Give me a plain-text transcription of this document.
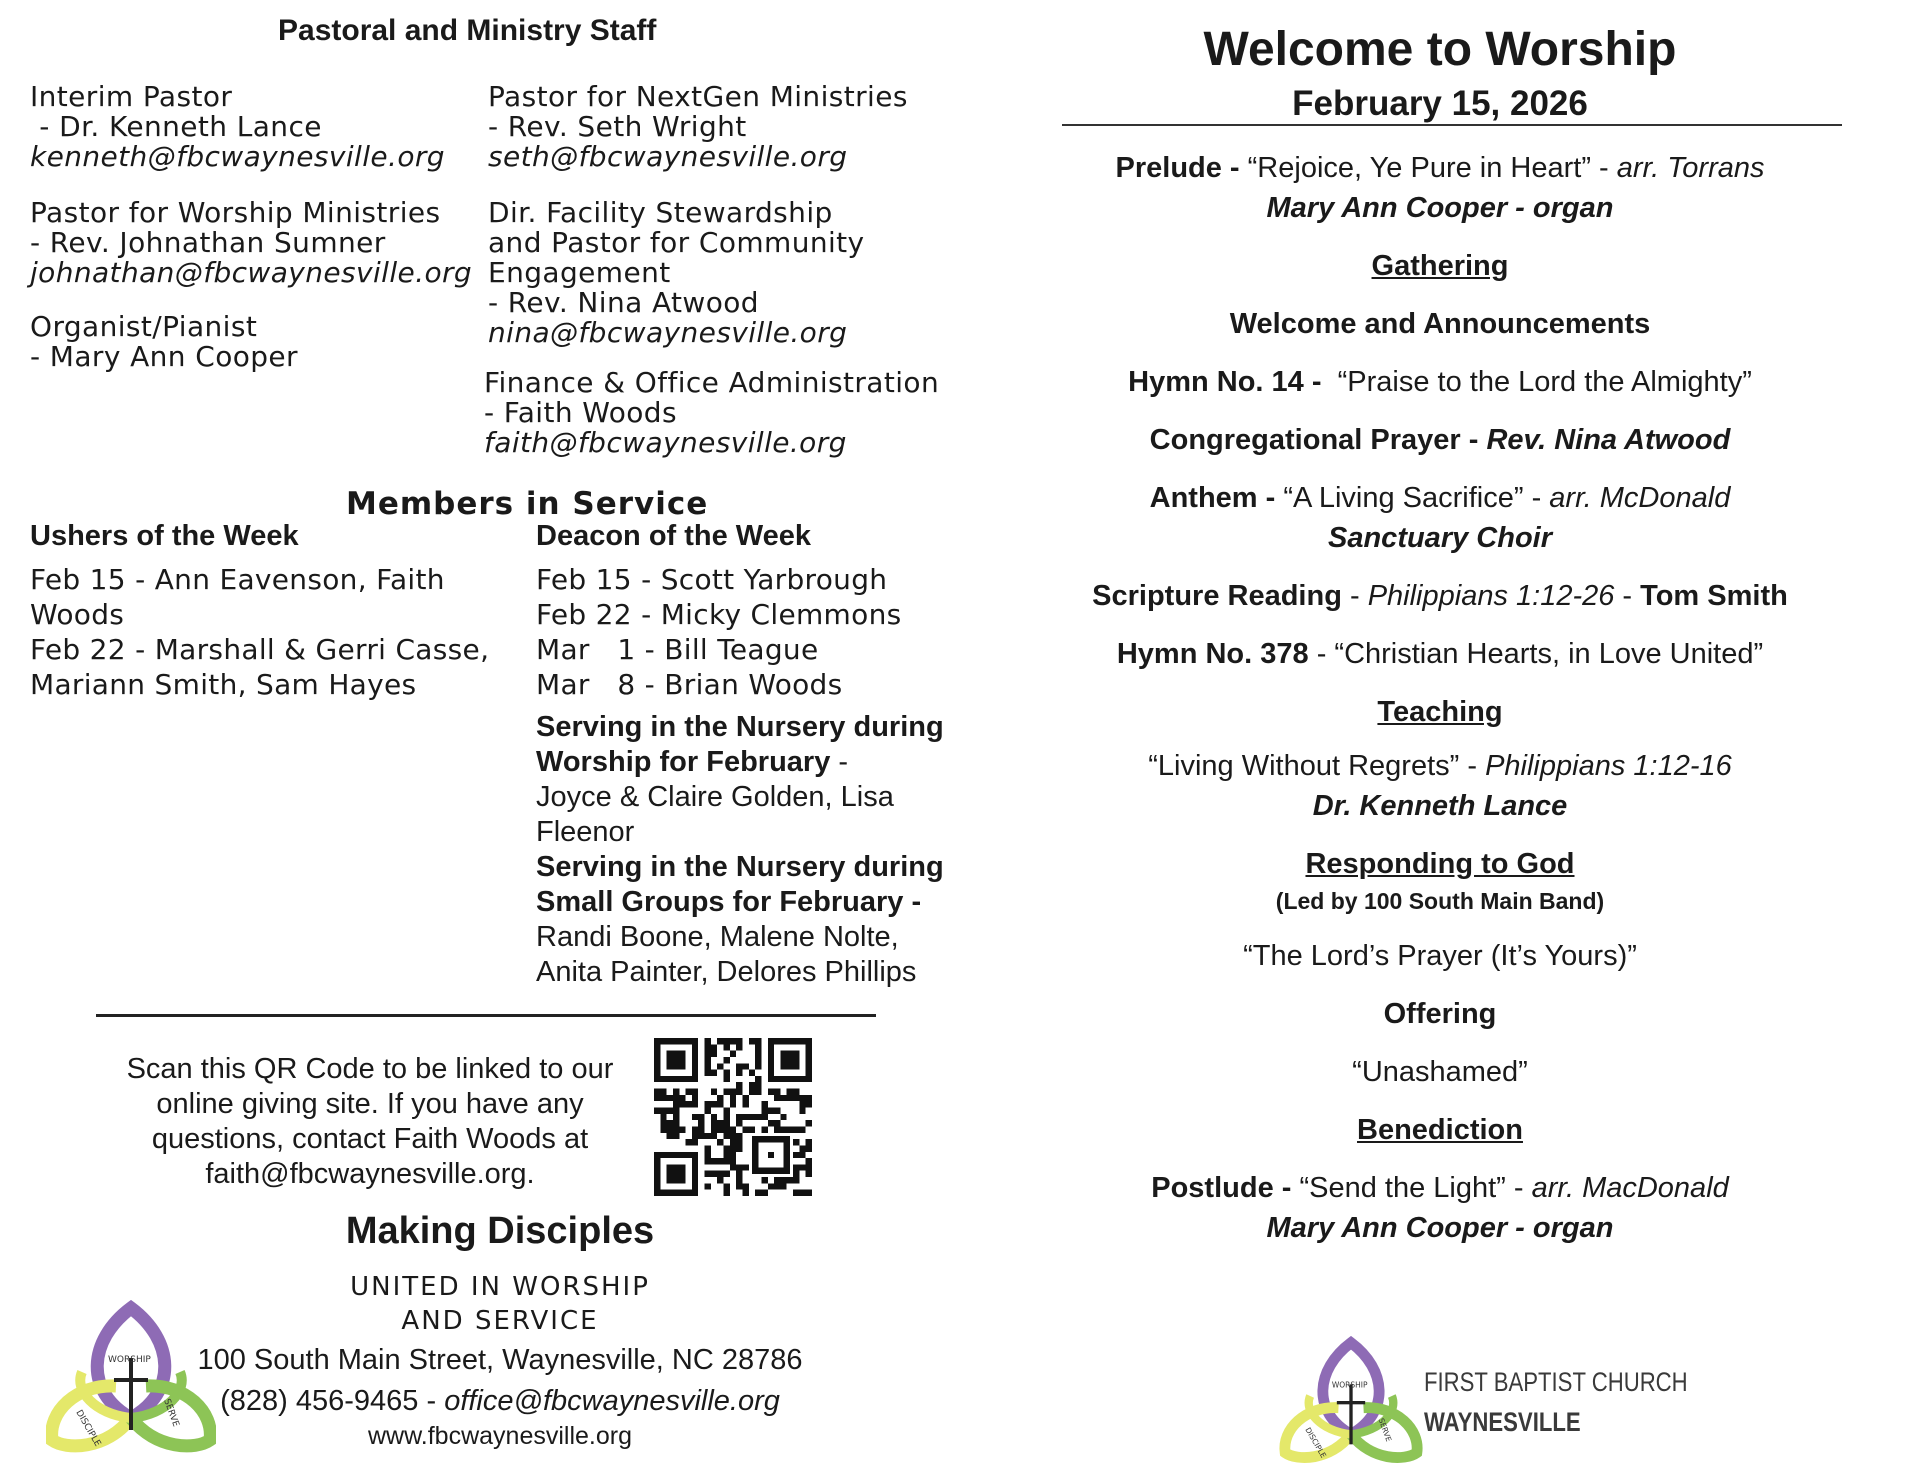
Pastoral and Ministry Staff
Interim Pastor
- Dr. Kenneth Lance
kenneth@fbcwaynesville.org
Pastor for Worship Ministries
- Rev. Johnathan Sumner
johnathan@fbcwaynesville.org
Organist/Pianist
- Mary Ann Cooper
Pastor for NextGen Ministries
- Rev. Seth Wright
seth@fbcwaynesville.org
Dir. Facility Stewardship
and Pastor for Community
Engagement
- Rev. Nina Atwood
nina@fbcwaynesville.org
Finance & Office Administration
- Faith Woods
faith@fbcwaynesville.org
Members in Service
Ushers of the Week
Feb 15 - Ann Eavenson, Faith
Woods
Feb 22 - Marshall & Gerri Casse,
Mariann Smith, Sam Hayes
Deacon of the Week
Feb 15 - Scott Yarbrough
Feb 22 - Micky Clemmons
Mar   1 - Bill Teague
Mar   8 - Brian Woods
Serving in the Nursery during
Worship for February -
Joyce & Claire Golden, Lisa
Fleenor
Serving in the Nursery during
Small Groups for February -
Randi Boone, Malene Nolte,
Anita Painter, Delores Phillips
Scan this QR Code to be linked to our
online giving site. If you have any
questions, contact Faith Woods at
faith@fbcwaynesville.org.
Making Disciples
UNITED IN WORSHIP
AND SERVICE
WORSHIP
DISCIPLE	SERVE
100 South Main Street, Waynesville, NC 28786
(828) 456-9465 - office@fbcwaynesville.org
www.fbcwaynesville.org
Welcome to Worship
February 15, 2026
Prelude - “Rejoice, Ye Pure in Heart” - arr. Torrans
Mary Ann Cooper - organ
Gathering
Welcome and Announcements
Hymn No. 14 -  “Praise to the Lord the Almighty”
Congregational Prayer - Rev. Nina Atwood
Anthem - “A Living Sacrifice” - arr. McDonald
Sanctuary Choir
Scripture Reading - Philippians 1:12-26 - Tom Smith
Hymn No. 378 - “Christian Hearts, in Love United”
Teaching
“Living Without Regrets” - Philippians 1:12-16
Dr. Kenneth Lance
Responding to God
(Led by 100 South Main Band)
“The Lord’s Prayer (It’s Yours)”
Offering
“Unashamed”
Benediction
Postlude - “Send the Light” - arr. MacDonald
Mary Ann Cooper - organ
WORSHIP
DISCIPLE	SERVE
FIRST BAPTIST CHURCH
WAYNESVILLE
